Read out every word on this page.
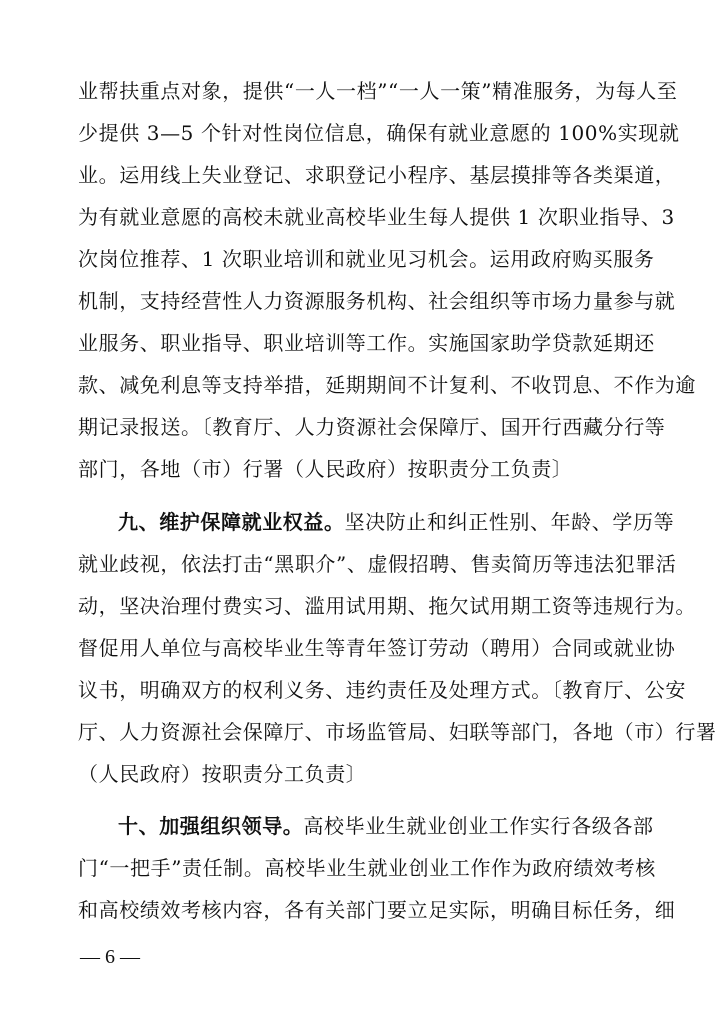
业帮扶重点对象，提供“一人一档”“一人一策”精准服务，为每人至
少提供 3—5 个针对性岗位信息，确保有就业意愿的 100%实现就
业。运用线上失业登记、求职登记小程序、基层摸排等各类渠道，
为有就业意愿的高校未就业高校毕业生每人提供 1 次职业指导、3
次岗位推荐、1 次职业培训和就业见习机会。运用政府购买服务
机制，支持经营性人力资源服务机构、社会组织等市场力量参与就
业服务、职业指导、职业培训等工作。实施国家助学贷款延期还
款、减免利息等支持举措，延期期间不计复利、不收罚息、不作为逾
期记录报送。〔教育厅、人力资源社会保障厅、国开行西藏分行等
部门，各地（市）行署（人民政府）按职责分工负责〕
九、维护保障就业权益。坚决防止和纠正性别、年龄、学历等
就业歧视，依法打击“黑职介”、虚假招聘、售卖简历等违法犯罪活
动，坚决治理付费实习、滥用试用期、拖欠试用期工资等违规行为。
督促用人单位与高校毕业生等青年签订劳动（聘用）合同或就业协
议书，明确双方的权利义务、违约责任及处理方式。〔教育厅、公安
厅、人力资源社会保障厅、市场监管局、妇联等部门，各地（市）行署
（人民政府）按职责分工负责〕
十、加强组织领导。高校毕业生就业创业工作实行各级各部
门“一把手”责任制。高校毕业生就业创业工作作为政府绩效考核
和高校绩效考核内容，各有关部门要立足实际，明确目标任务，细
— 6 —
